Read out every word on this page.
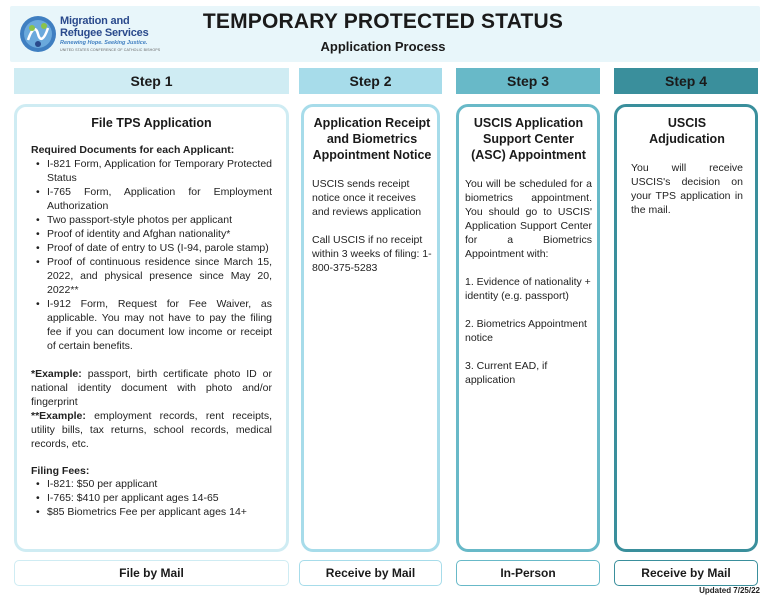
Migration and
Refugee Services
Renewing Hope. Seeking Justice.
UNITED STATES CONFERENCE OF CATHOLIC BISHOPS
TEMPORARY PROTECTED STATUS
Application Process
Step 1	Step 2	Step 3	Step 4
File TPS Application
Required Documents for each Applicant:
• I-821 Form, Application for Temporary Protected Status
• I-765 Form, Application for Employment Authorization
• Two passport-style photos per applicant
• Proof of identity and Afghan nationality*
• Proof of date of entry to US (I-94, parole stamp)
• Proof of continuous residence since March 15, 2022, and physical presence since May 20, 2022**
• I-912 Form, Request for Fee Waiver, as applicable. You may not have to pay the filing fee if you can document low income or receipt of certain benefits.
*Example: passport, birth certificate photo ID or national identity document with photo and/or fingerprint
**Example: employment records, rent receipts, utility bills, tax returns, school records, medical records, etc.
Filing Fees:
• I-821: $50 per applicant
• I-765: $410 per applicant ages 14-65
• $85 Biometrics Fee per applicant ages 14+
Application Receipt and Biometrics Appointment Notice
USCIS sends receipt notice once it receives and reviews application
Call USCIS if no receipt within 3 weeks of filing: 1-800-375-5283
USCIS Application Support Center (ASC) Appointment
You will be scheduled for a biometrics appointment. You should go to USCIS' Application Support Center for a Biometrics Appointment with:
1. Evidence of nationality + identity (e.g. passport)
2. Biometrics Appointment notice
3. Current EAD, if application
USCIS Adjudication
You will receive USCIS's decision on your TPS application in the mail.
File by Mail	Receive by Mail	In-Person	Receive by Mail
Updated 7/25/22
